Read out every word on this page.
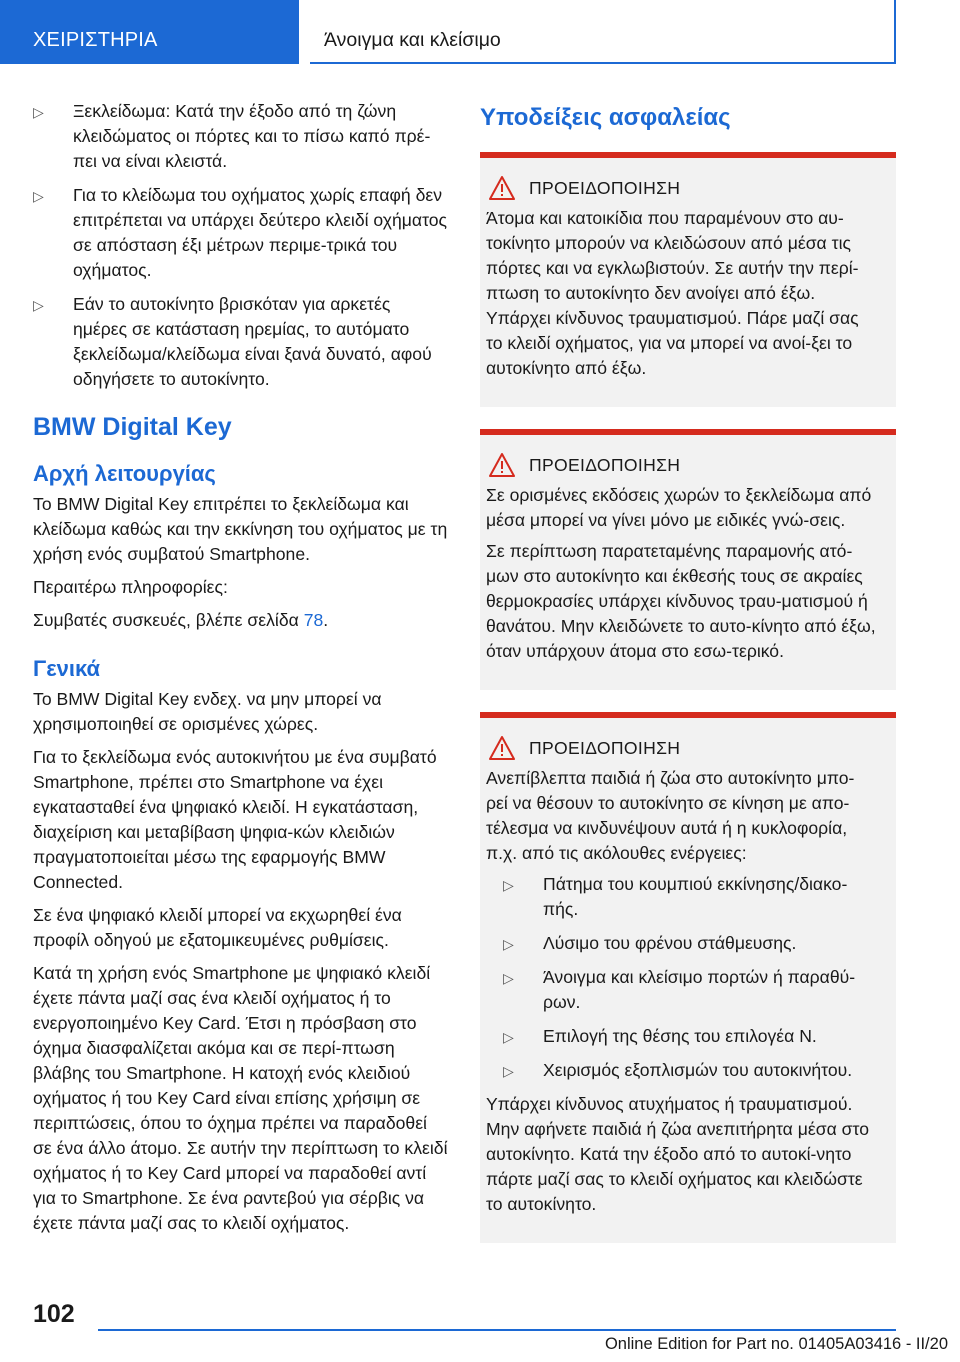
ΧΕΙΡΙΣΤΗΡΙΑ	Άνοιγμα και κλείσιμο
▷ Ξεκλείδωμα: Κατά την έξοδο από τη ζώνη κλειδώματος οι πόρτες και το πίσω καπό πρέ-πει να είναι κλειστά.
▷ Για το κλείδωμα του οχήματος χωρίς επαφή δεν επιτρέπεται να υπάρχει δεύτερο κλειδί οχήματος σε απόσταση έξι μέτρων περιμε-τρικά του οχήματος.
▷ Εάν το αυτοκίνητο βρισκόταν για αρκετές ημέρες σε κατάσταση ηρεμίας, το αυτόματο ξεκλείδωμα/κλείδωμα είναι ξανά δυνατό, αφού οδηγήσετε το αυτοκίνητο.
BMW Digital Key
Αρχή λειτουργίας

Το BMW Digital Key επιτρέπει το ξεκλείδωμα και κλείδωμα καθώς και την εκκίνηση του οχήματος με τη χρήση ενός συμβατού Smartphone.

Περαιτέρω πληροφορίες:

Συμβατές συσκευές, βλέπε σελίδα 78.

Γενικά

Το BMW Digital Key ενδεχ. να μην μπορεί να χρησιμοποιηθεί σε ορισμένες χώρες.

Για το ξεκλείδωμα ενός αυτοκινήτου με ένα συμβατό Smartphone, πρέπει στο Smartphone να έχει εγκατασταθεί ένα ψηφιακό κλειδί. Η εγκατάσταση, διαχείριση και μεταβίβαση ψηφια-κών κλειδιών πραγματοποιείται μέσω της εφαρμογής BMW Connected.

Σε ένα ψηφιακό κλειδί μπορεί να εκχωρηθεί ένα προφίλ οδηγού με εξατομικευμένες ρυθμίσεις.

Κατά τη χρήση ενός Smartphone με ψηφιακό κλειδί έχετε πάντα μαζί σας ένα κλειδί οχήματος ή το ενεργοποιημένο Key Card. Έτσι η πρόσβαση στο όχημα διασφαλίζεται ακόμα και σε περί-πτωση βλάβης του Smartphone. Η κατοχή ενός κλειδιού οχήματος ή του Key Card είναι επίσης χρήσιμη σε περιπτώσεις, όπου το όχημα πρέπει να παραδοθεί σε ένα άλλο άτομο. Σε αυτήν την περίπτωση το κλειδί οχήματος ή το Key Card μπορεί να παραδοθεί αντί για το Smartphone. Σε ένα ραντεβού για σέρβις να έχετε πάντα μαζί σας το κλειδί οχήματος.

Υποδείξεις ασφαλείας
ΠΡΟΕΙΔΟΠΟΙΗΣΗ

Άτομα και κατοικίδια που παραμένουν στο αυ-τοκίνητο μπορούν να κλειδώσουν από μέσα τις πόρτες και να εγκλωβιστούν. Σε αυτήν την περί-πτωση το αυτοκίνητο δεν ανοίγει από έξω. Υπάρχει κίνδυνος τραυματισμού. Πάρε μαζί σας το κλειδί οχήματος, για να μπορεί να ανοί-ξει το αυτοκίνητο από έξω.

ΠΡΟΕΙΔΟΠΟΙΗΣΗ

Σε ορισμένες εκδόσεις χωρών το ξεκλείδωμα από μέσα μπορεί να γίνει μόνο με ειδικές γνώ-σεις.

Σε περίπτωση παρατεταμένης παραμονής ατό-μων στο αυτοκίνητο και έκθεσής τους σε ακραίες θερμοκρασίες υπάρχει κίνδυνος τραυ-ματισμού ή θανάτου. Μην κλειδώνετε το αυτο-κίνητο από έξω, όταν υπάρχουν άτομα στο εσω-τερικό.

ΠΡΟΕΙΔΟΠΟΙΗΣΗ

Ανεπίβλεπτα παιδιά ή ζώα στο αυτοκίνητο μπο-ρεί να θέσουν το αυτοκίνητο σε κίνηση με απο-τέλεσμα να κινδυνέψουν αυτά ή η κυκλοφορία, π.χ. από τις ακόλουθες ενέργειες:

▷ Πάτημα του κουμπιού εκκίνησης/διακο-πής.
▷ Λύσιμο του φρένου στάθμευσης.
▷ Άνοιγμα και κλείσιμο πορτών ή παραθύ-ρων.
▷ Επιλογή της θέσης του επιλογέα N.
▷ Χειρισμός εξοπλισμών του αυτοκινήτου.

Υπάρχει κίνδυνος ατυχήματος ή τραυματισμού. Μην αφήνετε παιδιά ή ζώα ανεπιτήρητα μέσα στο αυτοκίνητο. Κατά την έξοδο από το αυτοκί-νητο πάρτε μαζί σας το κλειδί οχήματος και κλειδώστε το αυτοκίνητο.

102
Online Edition for Part no. 01405A03416 - II/20
